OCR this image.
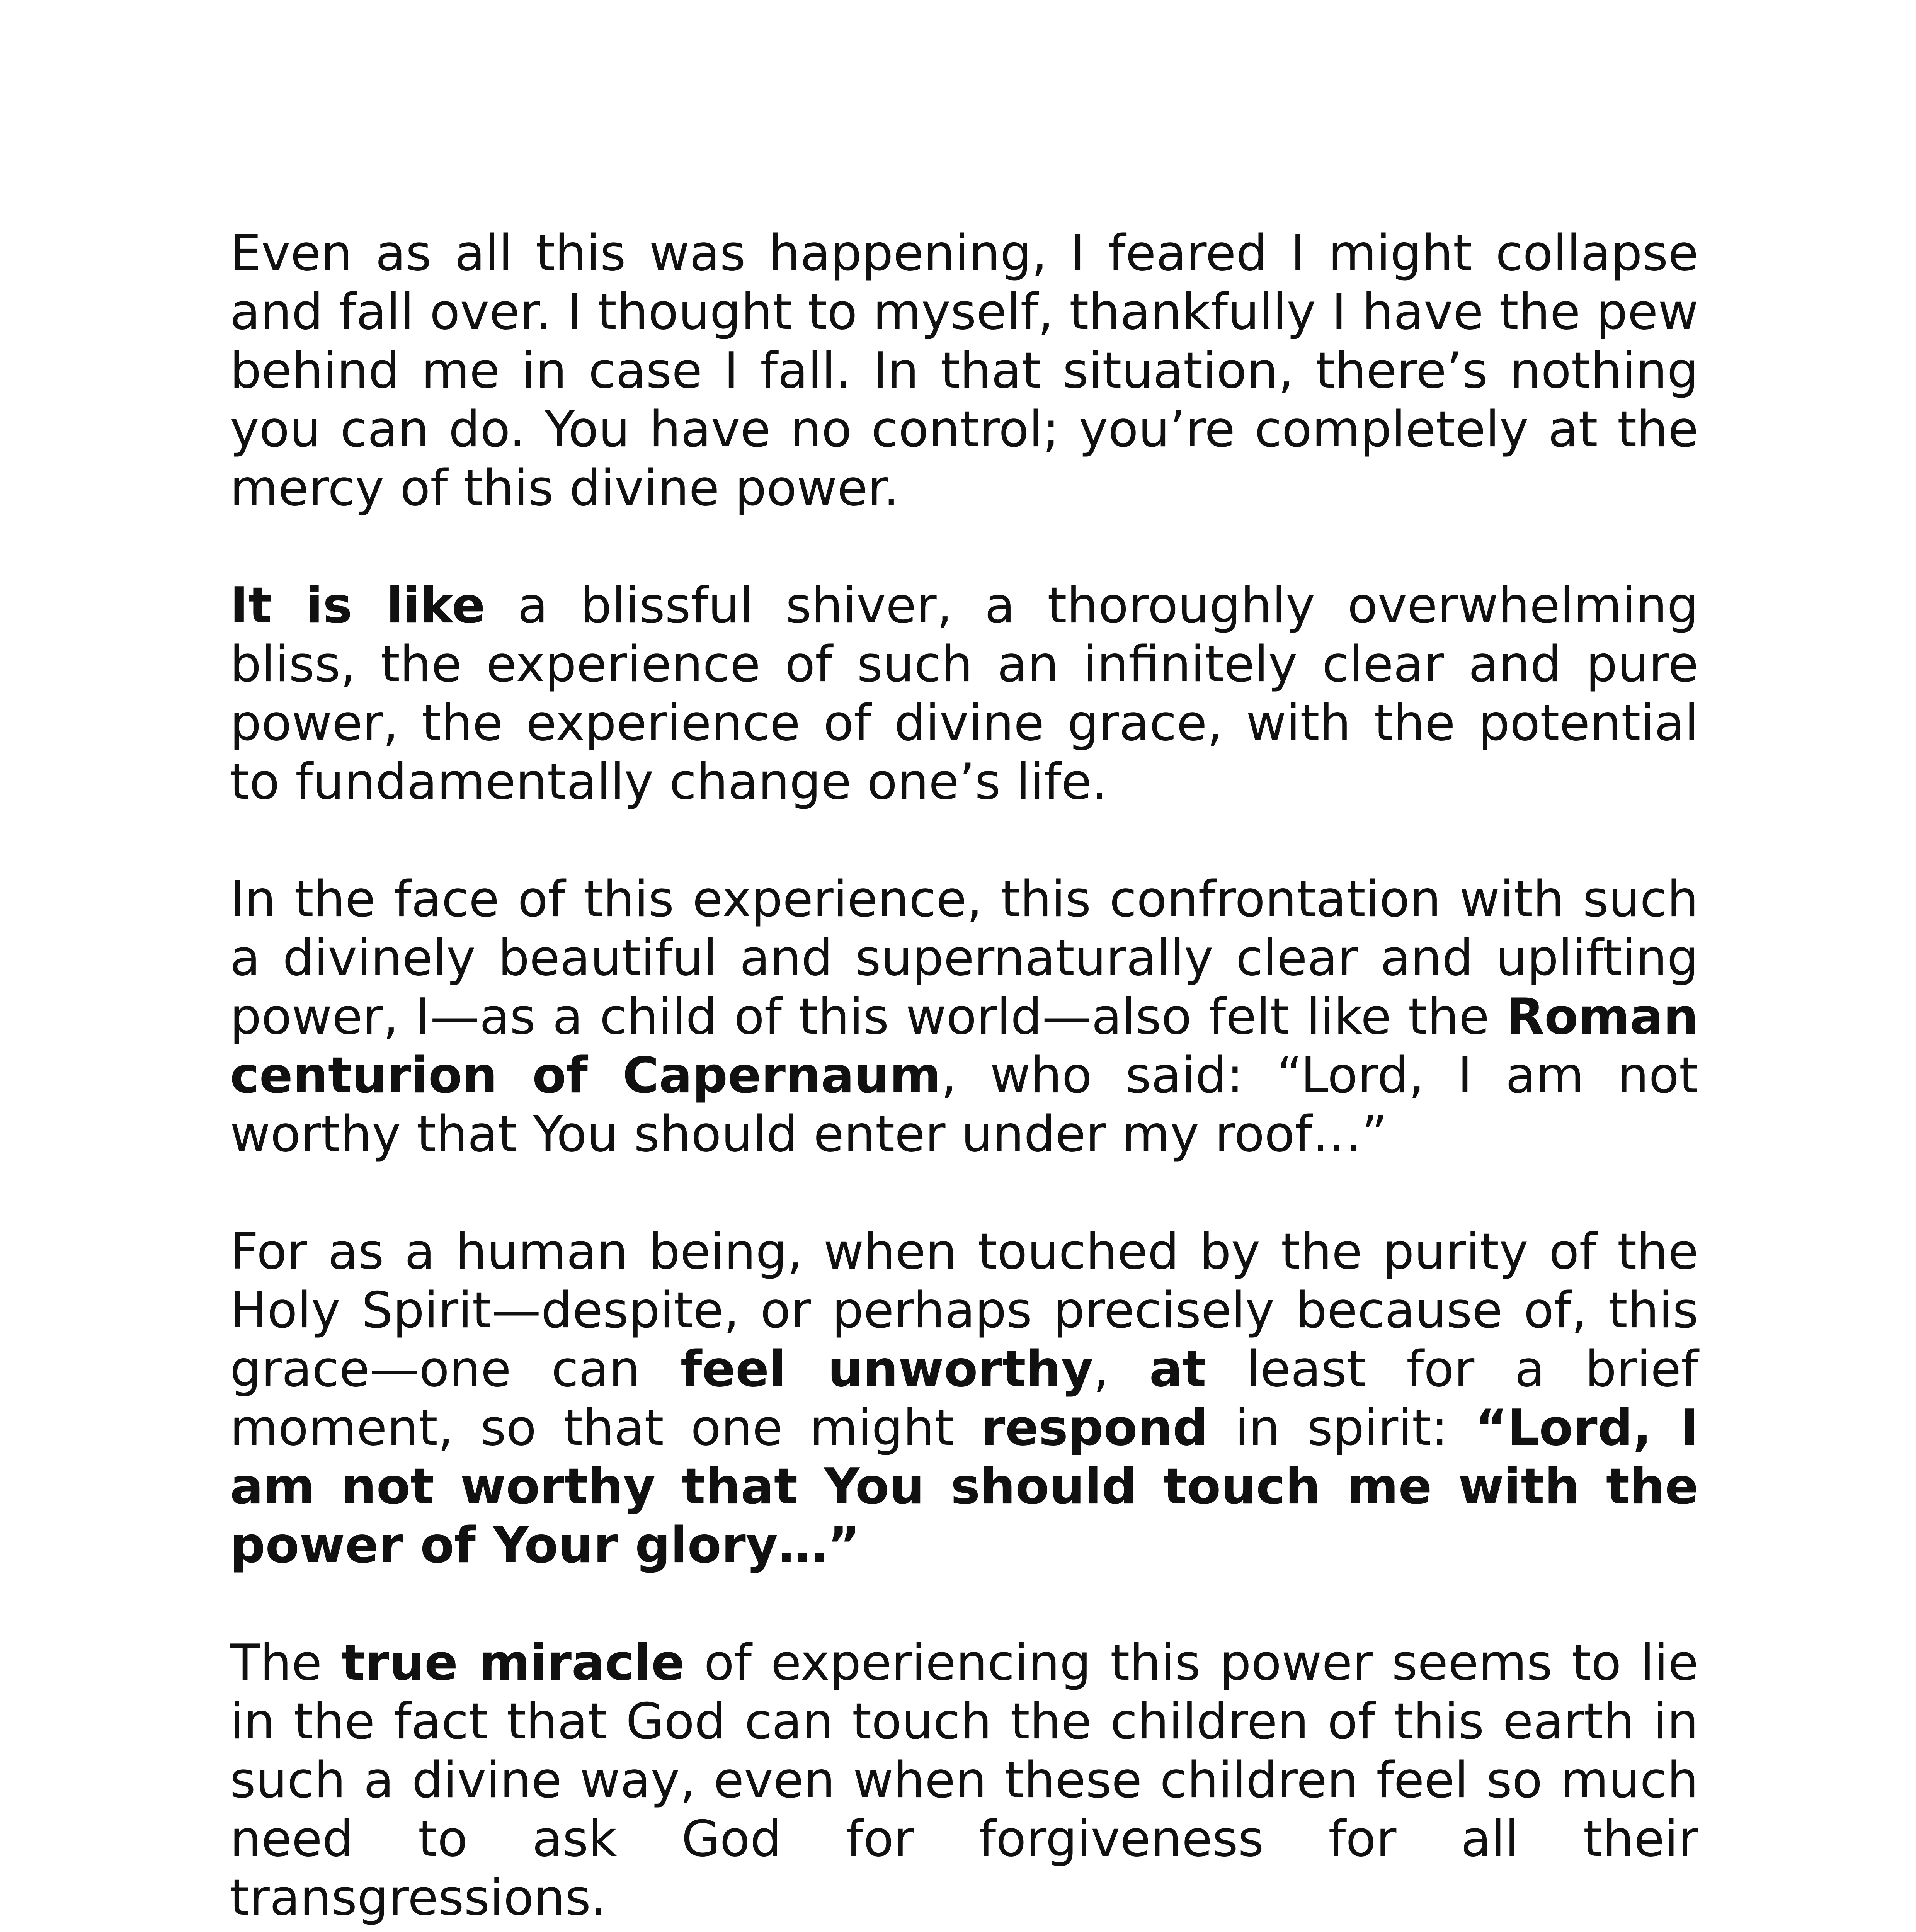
Even as all this was happening, I feared I might collapse and fall over. I thought to myself, thankfully I have the pew behind me in case I fall. In that situation, there’s nothing you can do. You have no control; you’re completely at the mercy of this divine power.

It is like a blissful shiver, a thoroughly overwhelming bliss, the experience of such an infinitely clear and pure power, the experience of divine grace, with the potential to fundamentally change one’s life.

In the face of this experience, this confrontation with such a divinely beautiful and supernaturally clear and uplifting power, I—as a child of this world—also felt like the Roman centurion of Capernaum, who said: “Lord, I am not worthy that You should enter under my roof…”

For as a human being, when touched by the purity of the Holy Spirit—despite, or perhaps precisely because of, this grace—one can feel unworthy, at least for a brief moment, so that one might respond in spirit: “Lord, I am not worthy that You should touch me with the power of Your glory…”

The true miracle of experiencing this power seems to lie in the fact that God can touch the children of this earth in such a divine way, even when these children feel so much need to ask God for forgiveness for all their transgressions.
